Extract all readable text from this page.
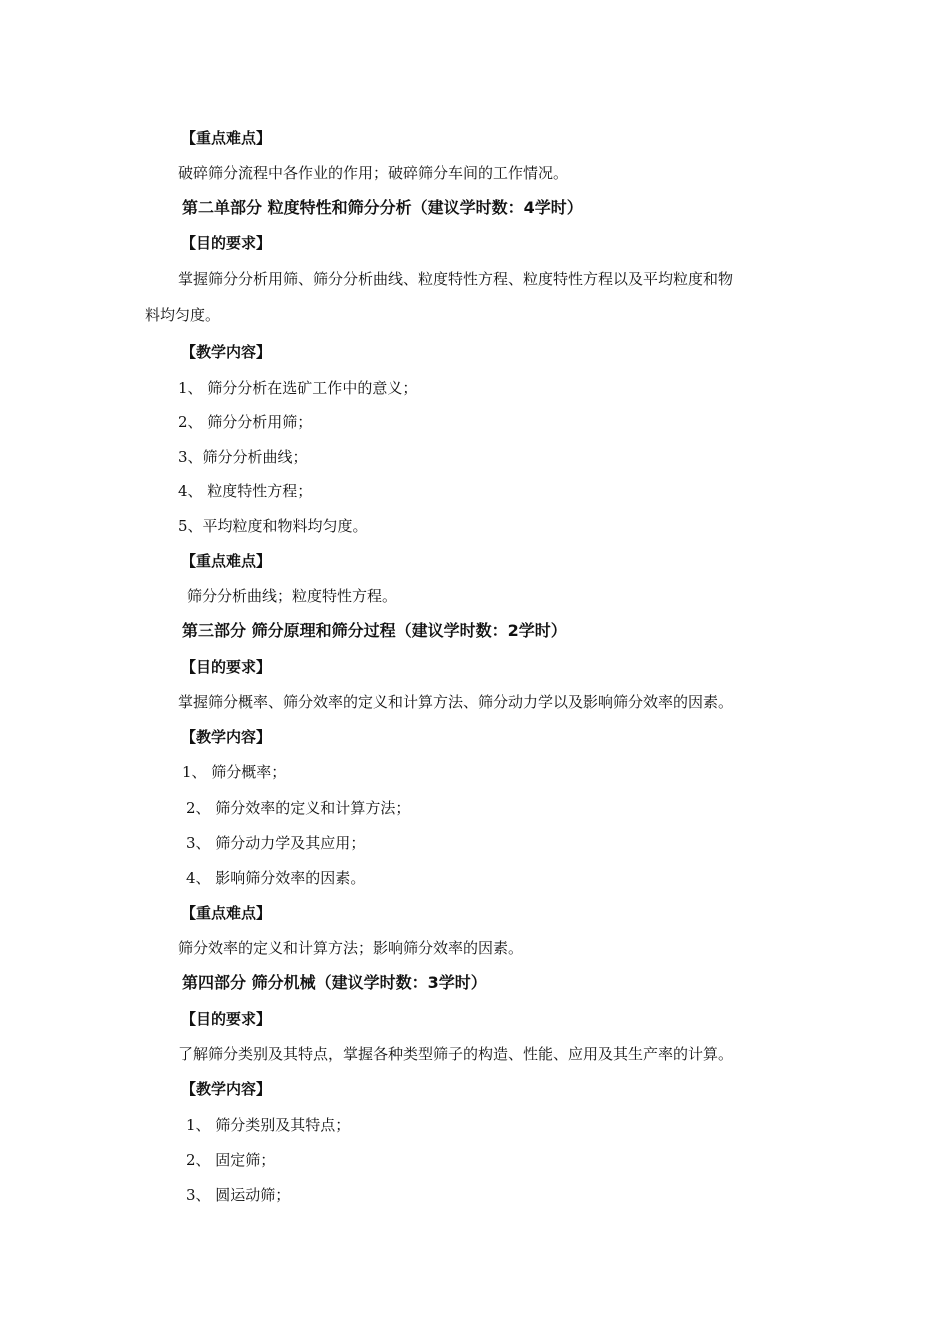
【重点难点】
破碎筛分流程中各作业的作用；破碎筛分车间的工作情况。
第二单部分 粒度特性和筛分分析（建议学时数：4学时）
【目的要求】
掌握筛分分析用筛、筛分分析曲线、粒度特性方程、粒度特性方程以及平均粒度和物
料均匀度。
【教学内容】
1、 筛分分析在选矿工作中的意义；
2、 筛分分析用筛；
3、筛分分析曲线；
4、 粒度特性方程；
5、平均粒度和物料均匀度。
【重点难点】
筛分分析曲线；粒度特性方程。
第三部分 筛分原理和筛分过程（建议学时数：2学时）
【目的要求】
掌握筛分概率、筛分效率的定义和计算方法、筛分动力学以及影响筛分效率的因素。
【教学内容】
1、 筛分概率；
2、 筛分效率的定义和计算方法；
3、 筛分动力学及其应用；
4、 影响筛分效率的因素。
【重点难点】
筛分效率的定义和计算方法；影响筛分效率的因素。
第四部分 筛分机械（建议学时数：3学时）
【目的要求】
了解筛分类别及其特点，掌握各种类型筛子的构造、性能、应用及其生产率的计算。
【教学内容】
1、 筛分类别及其特点；
2、 固定筛；
3、 圆运动筛；
